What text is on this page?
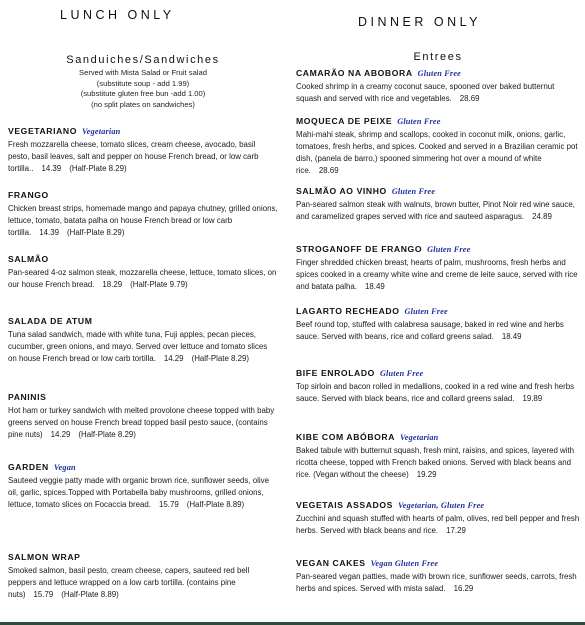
LUNCH ONLY
Sanduiches/Sandwiches
Served with Mista Salad or Fruit salad
(substitute soup - add 1.99)
(substitute gluten free bun -add 1.00)
(no split plates on sandwiches)
VEGETARIANO Vegetarian
Fresh mozzarella cheese, tomato slices, cream cheese, avocado, basil pesto, basil leaves, salt and pepper on house French bread, or low carb tortilla.. 14.39 (Half-Plate 8.29)
FRANGO
Chicken breast strips, homemade mango and papaya chutney, grilled onions, lettuce, tomato, batata palha on house French bread or low carb tortilla. 14.39 (Half-Plate 8.29)
SALMÃO
Pan-seared 4-oz salmon steak, mozzarella cheese, lettuce, tomato slices, on our house French bread. 18.29 (Half-Plate 9.79)
SALADA DE ATUM
Tuna salad sandwich, made with white tuna, Fuji apples, pecan pieces, cucumber, green onions, and mayo. Served over lettuce and tomato slices on house French bread or low carb tortilla. 14.29 (Half-Plate 8.29)
PANINIS
Hot ham or turkey sandwich with melted provolone cheese topped with baby greens served on house French bread topped basil pesto sauce, (contains pine nuts) 14.29 (Half-Plate 8.29)
GARDEN Vegan
Sauteed veggie patty made with organic brown rice, sunflower seeds, olive oil, garlic, spices.Topped with Portabella baby mushrooms, grilled onions, lettuce, tomato slices on Focaccia bread. 15.79 (Half-Plate 8.89)
SALMON WRAP
Smoked salmon, basil pesto, cream cheese, capers, sauteed red bell peppers and lettuce wrapped on a low carb tortilla. (contains pine nuts) 15.79 (Half-Plate 8.89)
DINNER ONLY
Entrees
CAMARÃO NA ABOBORA Gluten Free
Cooked shrimp in a creamy coconut sauce, spooned over baked butternut squash and served with rice and vegetables. 28.69
MOQUECA DE PEIXE Gluten Free
Mahi-mahi steak, shrimp and scallops, cooked in coconut milk, onions, garlic, tomatoes, fresh herbs, and spices. Cooked and served in a Brazilian ceramic pot dish, (panela de barro,) spooned simmering hot over a mound of white rice. 28.69
SALMÃO AO VINHO Gluten Free
Pan-seared salmon steak with walnuts, brown butter, Pinot Noir red wine sauce, and caramelized grapes served with rice and sauteed asparagus. 24.89
STROGANOFF DE FRANGO Gluten Free
Finger shredded chicken breast, hearts of palm, mushrooms, fresh herbs and spices cooked in a creamy white wine and creme de leite sauce, served with rice and batata palha. 18.49
LAGARTO RECHEADO Gluten Free
Beef round top, stuffed with calabresa sausage, baked in red wine and herbs sauce. Served with beans, rice and collard greens salad. 18.49
BIFE ENROLADO Gluten Free
Top sirloin and bacon rolled in medallions, cooked in a red wine and fresh herbs sauce. Served with black beans, rice and collard greens salad. 19.89
KIBE COM ABÓBORA Vegetarian
Baked tabule with butternut squash, fresh mint, raisins, and spices, layered with ricotta cheese, topped with French baked onions. Served with black beans and rice. (Vegan without the cheese) 19.29
VEGETAIS ASSADOS Vegetarian, Gluten Free
Zucchini and squash stuffed with hearts of palm, olives, red bell pepper and fresh herbs. Served with black beans and rice. 17.29
VEGAN CAKES Vegan Gluten Free
Pan-seared vegan patties, made with brown rice, sunflower seeds, carrots, fresh herbs and spices. Served with mista salad. 16.29
